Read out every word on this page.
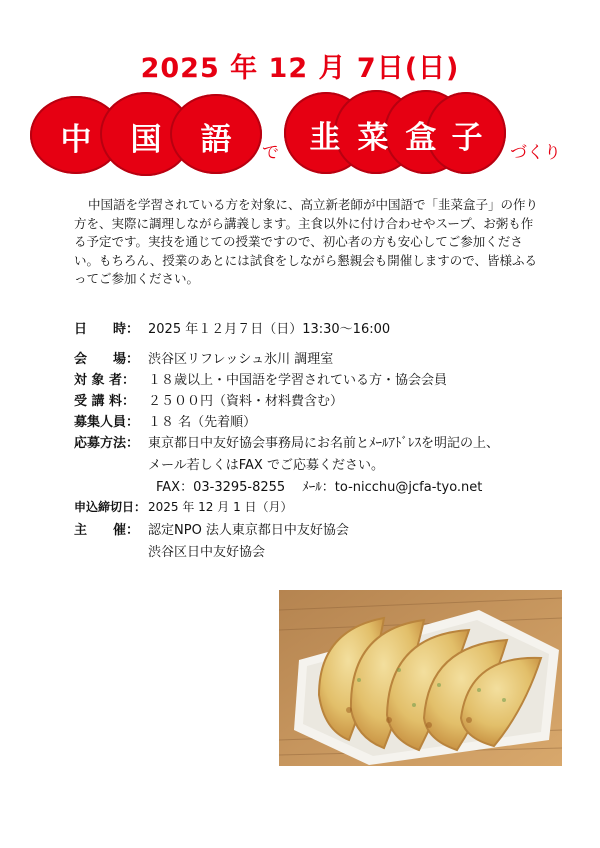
2025 年 12 月 7日(日)
中	国	語	で 韭 菜 盒 子	づくり
中国語を学習されている方を対象に、高立新老師が中国語で「韭菜盒子」の作り方を、実際に調理しながら講義します。主食以外に付け合わせやスープ、お粥も作る予定です。実技を通じての授業ですので、初心者の方も安心してご参加ください。もちろん、授業のあとには試食をしながら懇親会も開催しますので、皆様ふるってご参加ください。
日　　時： 2025 年１２月７日（日）13:30～16:00
会　　場： 渋谷区リフレッシュ氷川 調理室
対 象 者： １８歳以上・中国語を学習されている方・協会会員
受 講 料： ２５００円（資料・材料費含む）
募集人員： １８ 名（先着順）
応募方法： 東京都日中友好協会事務局にお名前とﾒｰﾙｱﾄﾞﾚｽを明記の上、
メール若しくはFAX でご応募ください。
FAX：03-3295-8255　 ﾒｰﾙ：to-nicchu@jcfa-tyo.net
申込締切日： 2025 年 12 月 1 日（月）
主　　催： 認定NPO 法人東京都日中友好協会
渋谷区日中友好協会
